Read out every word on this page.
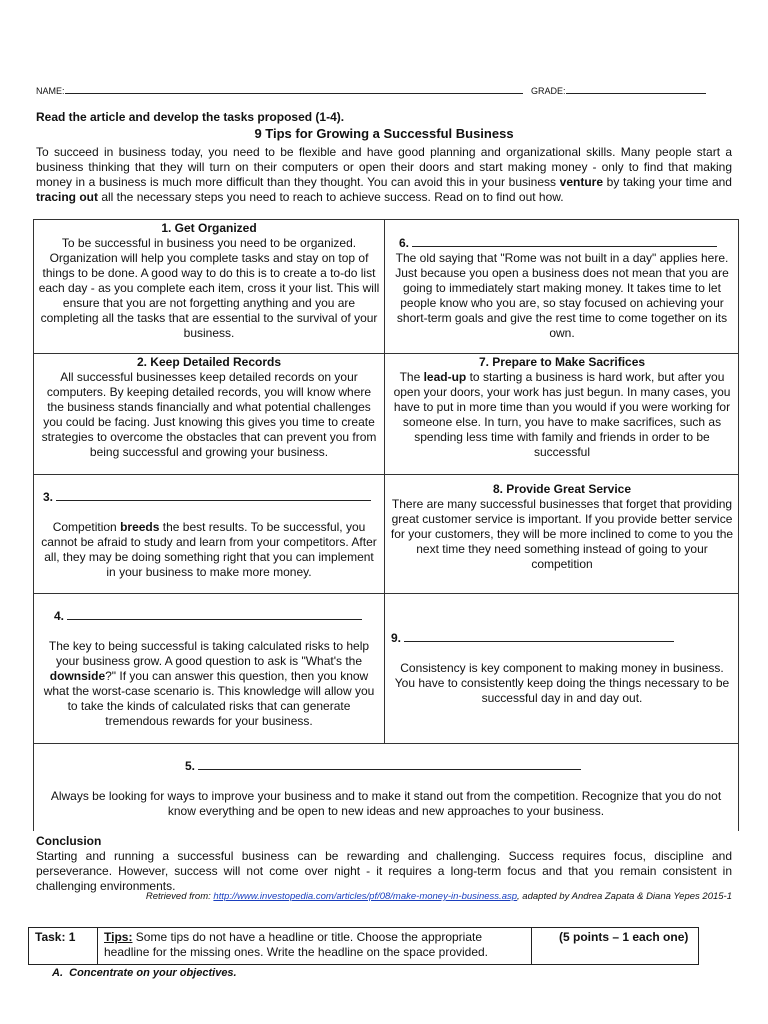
NAME:	GRADE:
Read the article and develop the tasks proposed (1-4).
9 Tips for Growing a Successful Business
To succeed in business today, you need to be flexible and have good planning and organizational skills. Many people start a business thinking that they will turn on their computers or open their doors and start making money - only to find that making money in a business is much more difficult than they thought. You can avoid this in your business venture by taking your time and tracing out all the necessary steps you need to reach to achieve success. Read on to find out how.
1. Get Organized
To be successful in business you need to be organized. Organization will help you complete tasks and stay on top of things to be done. A good way to do this is to create a to-do list each day - as you complete each item, cross it your list. This will ensure that you are not forgetting anything and you are completing all the tasks that are essential to the survival of your business.
6.
The old saying that "Rome was not built in a day" applies here. Just because you open a business does not mean that you are going to immediately start making money. It takes time to let people know who you are, so stay focused on achieving your short-term goals and give the rest time to come together on its own.
2. Keep Detailed Records
All successful businesses keep detailed records on your computers. By keeping detailed records, you will know where the business stands financially and what potential challenges you could be facing. Just knowing this gives you time to create strategies to overcome the obstacles that can prevent you from being successful and growing your business.
7. Prepare to Make Sacrifices
The lead-up to starting a business is hard work, but after you open your doors, your work has just begun. In many cases, you have to put in more time than you would if you were working for someone else. In turn, you have to make sacrifices, such as spending less time with family and friends in order to be successful
3.
Competition breeds the best results. To be successful, you cannot be afraid to study and learn from your competitors. After all, they may be doing something right that you can implement in your business to make more money.
8. Provide Great Service
There are many successful businesses that forget that providing great customer service is important. If you provide better service for your customers, they will be more inclined to come to you the next time they need something instead of going to your competition
4.
The key to being successful is taking calculated risks to help your business grow. A good question to ask is "What's the downside?" If you can answer this question, then you know what the worst-case scenario is. This knowledge will allow you to take the kinds of calculated risks that can generate tremendous rewards for your business.
9.
Consistency is key component to making money in business. You have to consistently keep doing the things necessary to be successful day in and day out.
5.
Always be looking for ways to improve your business and to make it stand out from the competition. Recognize that you do not know everything and be open to new ideas and new approaches to your business.
Conclusion
Starting and running a successful business can be rewarding and challenging. Success requires focus, discipline and perseverance. However, success will not come over night - it requires a long-term focus and that you remain consistent in challenging environments.
Retrieved from: http://www.investopedia.com/articles/pf/08/make-money-in-business.asp, adapted by Andrea Zapata & Diana Yepes 2015-1
Task: 1 Tips: Some tips do not have a headline or title. Choose the appropriate headline for the missing ones. Write the headline on the space provided.
(5 points – 1 each one)
A. Concentrate on your objectives.
